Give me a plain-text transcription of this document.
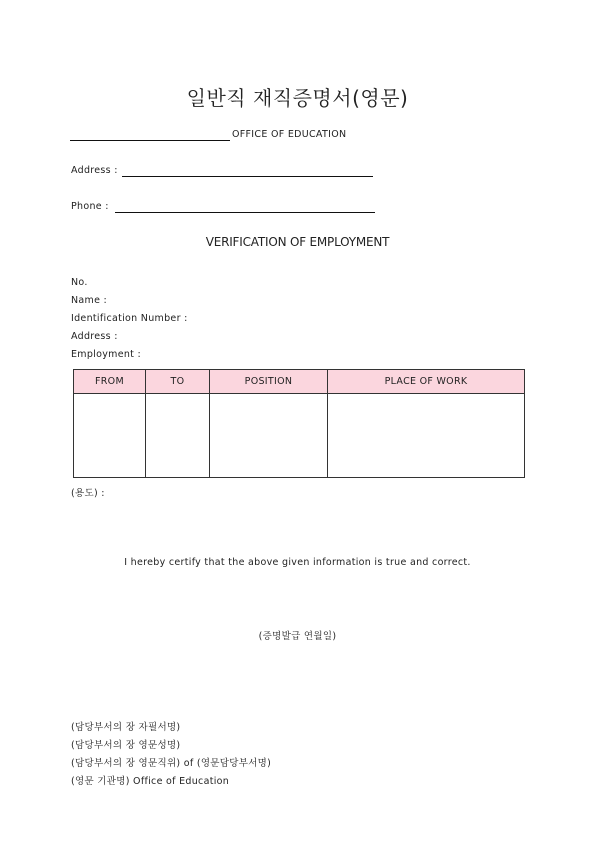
일반직 재직증명서(영문)
OFFICE OF EDUCATION
Address :
Phone :
VERIFICATION OF EMPLOYMENT
No.
Name :
Identification Number :
Address :
Employment :
FROM	TO	POSITION	PLACE OF WORK

(용도) :
I hereby certify that the above given information is true and correct.
(증명발급 연월일)
(담당부서의 장 자필서명)
(담당부서의 장 영문성명)
(담당부서의 장 영문직위) of (영문담당부서명)
(영문 기관명) Office of Education
